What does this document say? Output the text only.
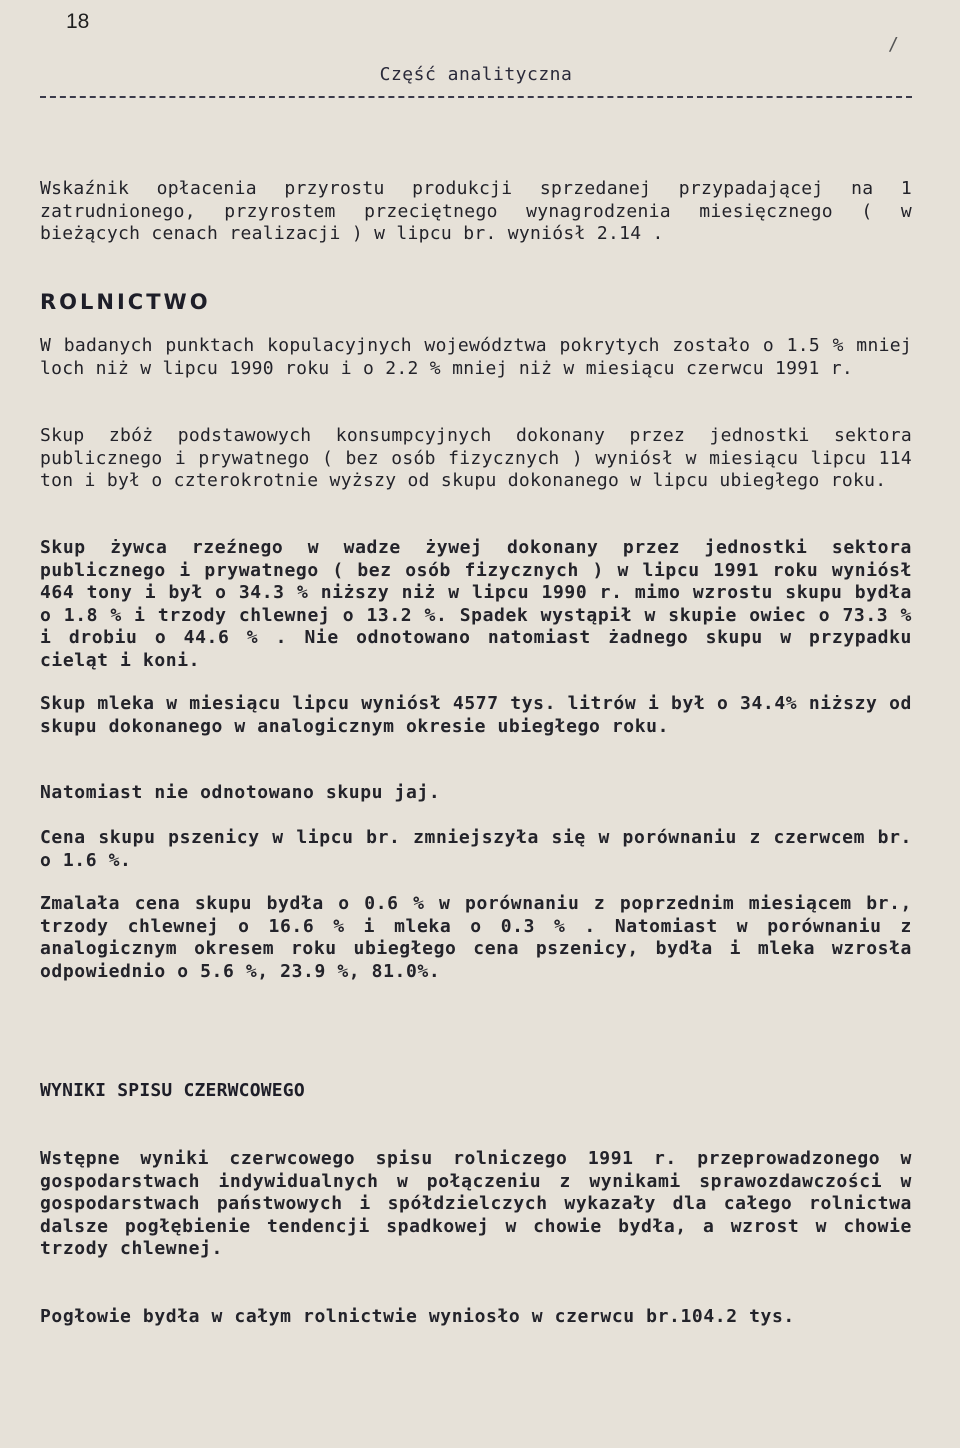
18
/
Część analityczna

Wskaźnik opłacenia przyrostu produkcji sprzedanej przypadającej na 1 zatrudnionego, przyrostem przeciętnego wynagrodzenia miesięcznego ( w bieżących cenach realizacji ) w lipcu br. wyniósł 2.14 .

ROLNICTWO

W badanych punktach kopulacyjnych województwa pokrytych zostało o 1.5 % mniej loch niż w lipcu 1990 roku i o 2.2 % mniej niż w miesiącu czerwcu 1991 r.

Skup zbóż podstawowych konsumpcyjnych dokonany przez jednostki sektora publicznego i prywatnego ( bez osób fizycznych ) wyniósł w miesiącu lipcu 114 ton i był o czterokrotnie wyższy od skupu dokonanego w lipcu ubiegłego roku.

Skup żywca rzeźnego w wadze żywej dokonany przez jednostki sektora publicznego i prywatnego ( bez osób fizycznych ) w lipcu 1991 roku wyniósł 464 tony i był o 34.3 % niższy niż w lipcu 1990 r. mimo wzrostu skupu bydła o 1.8 % i trzody chlewnej o 13.2 %. Spadek wystąpił w skupie owiec o 73.3 % i drobiu o 44.6 % . Nie odnotowano natomiast żadnego skupu w przypadku cieląt i koni.

Skup mleka w miesiącu lipcu wyniósł 4577 tys. litrów i był o 34.4% niższy od skupu dokonanego w analogicznym okresie ubiegłego roku.

Natomiast nie odnotowano skupu jaj.

Cena skupu pszenicy w lipcu br. zmniejszyła się w porównaniu z czerwcem br. o 1.6 %.

Zmalała cena skupu bydła o 0.6 % w porównaniu z poprzednim miesiącem br., trzody chlewnej o 16.6 % i mleka o 0.3 % . Natomiast w porównaniu z analogicznym okresem roku ubiegłego cena pszenicy, bydła i mleka wzrosła odpowiednio o 5.6 %, 23.9 %, 81.0%.

WYNIKI SPISU CZERWCOWEGO

Wstępne wyniki czerwcowego spisu rolniczego 1991 r. przeprowadzonego w gospodarstwach indywidualnych w połączeniu z wynikami sprawozdawczości w gospodarstwach państwowych i spółdzielczych wykazały dla całego rolnictwa dalsze pogłębienie tendencji spadkowej w chowie bydła, a wzrost w chowie trzody chlewnej.

Pogłowie bydła w całym rolnictwie wyniosło w czerwcu br.104.2 tys.
